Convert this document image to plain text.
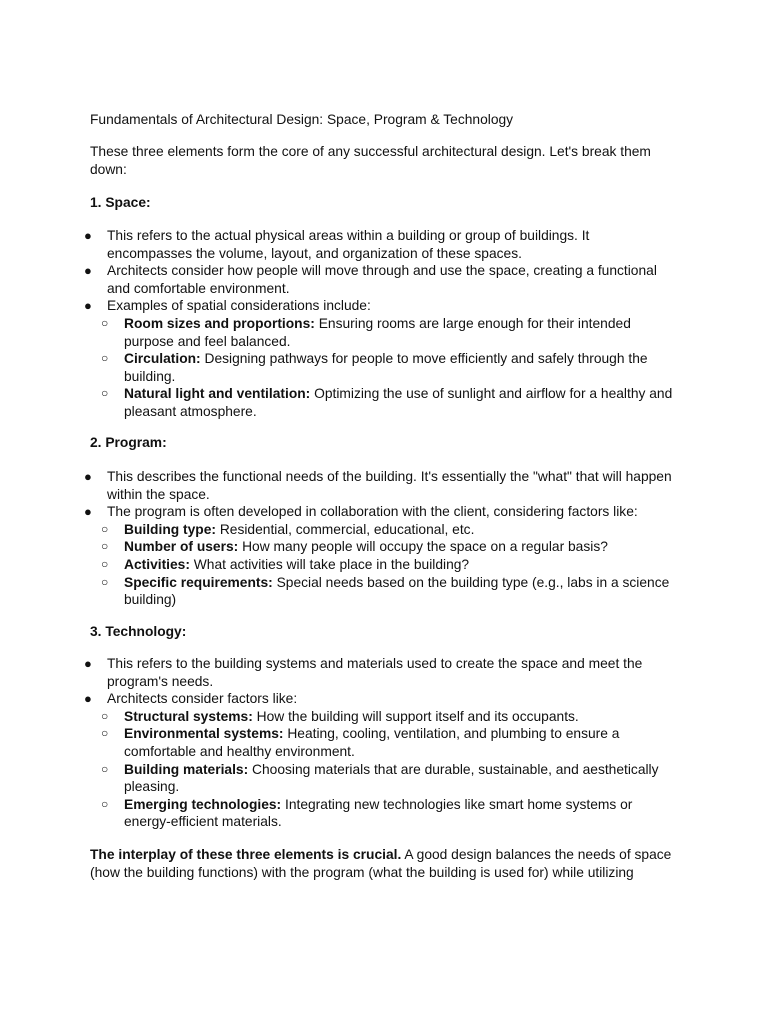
Fundamentals of Architectural Design: Space, Program & Technology

These three elements form the core of any successful architectural design. Let's break them down:

1. Space:
●	This refers to the actual physical areas within a building or group of buildings. It encompasses the volume, layout, and organization of these spaces.
●	Architects consider how people will move through and use the space, creating a functional and comfortable environment.
●	Examples of spatial considerations include:
○	Room sizes and proportions: Ensuring rooms are large enough for their intended purpose and feel balanced.
○	Circulation: Designing pathways for people to move efficiently and safely through the building.
○	Natural light and ventilation: Optimizing the use of sunlight and airflow for a healthy and pleasant atmosphere.
2. Program:
●	This describes the functional needs of the building. It's essentially the "what" that will happen within the space.
●	The program is often developed in collaboration with the client, considering factors like:
○	Building type: Residential, commercial, educational, etc.
○	Number of users: How many people will occupy the space on a regular basis?
○	Activities: What activities will take place in the building?
○	Specific requirements: Special needs based on the building type (e.g., labs in a science building)
3. Technology:
●	This refers to the building systems and materials used to create the space and meet the program's needs.
●	Architects consider factors like:
○	Structural systems: How the building will support itself and its occupants.
○	Environmental systems: Heating, cooling, ventilation, and plumbing to ensure a comfortable and healthy environment.
○	Building materials: Choosing materials that are durable, sustainable, and aesthetically pleasing.
○	Emerging technologies: Integrating new technologies like smart home systems or energy-efficient materials.

The interplay of these three elements is crucial. A good design balances the needs of space (how the building functions) with the program (what the building is used for) while utilizing
